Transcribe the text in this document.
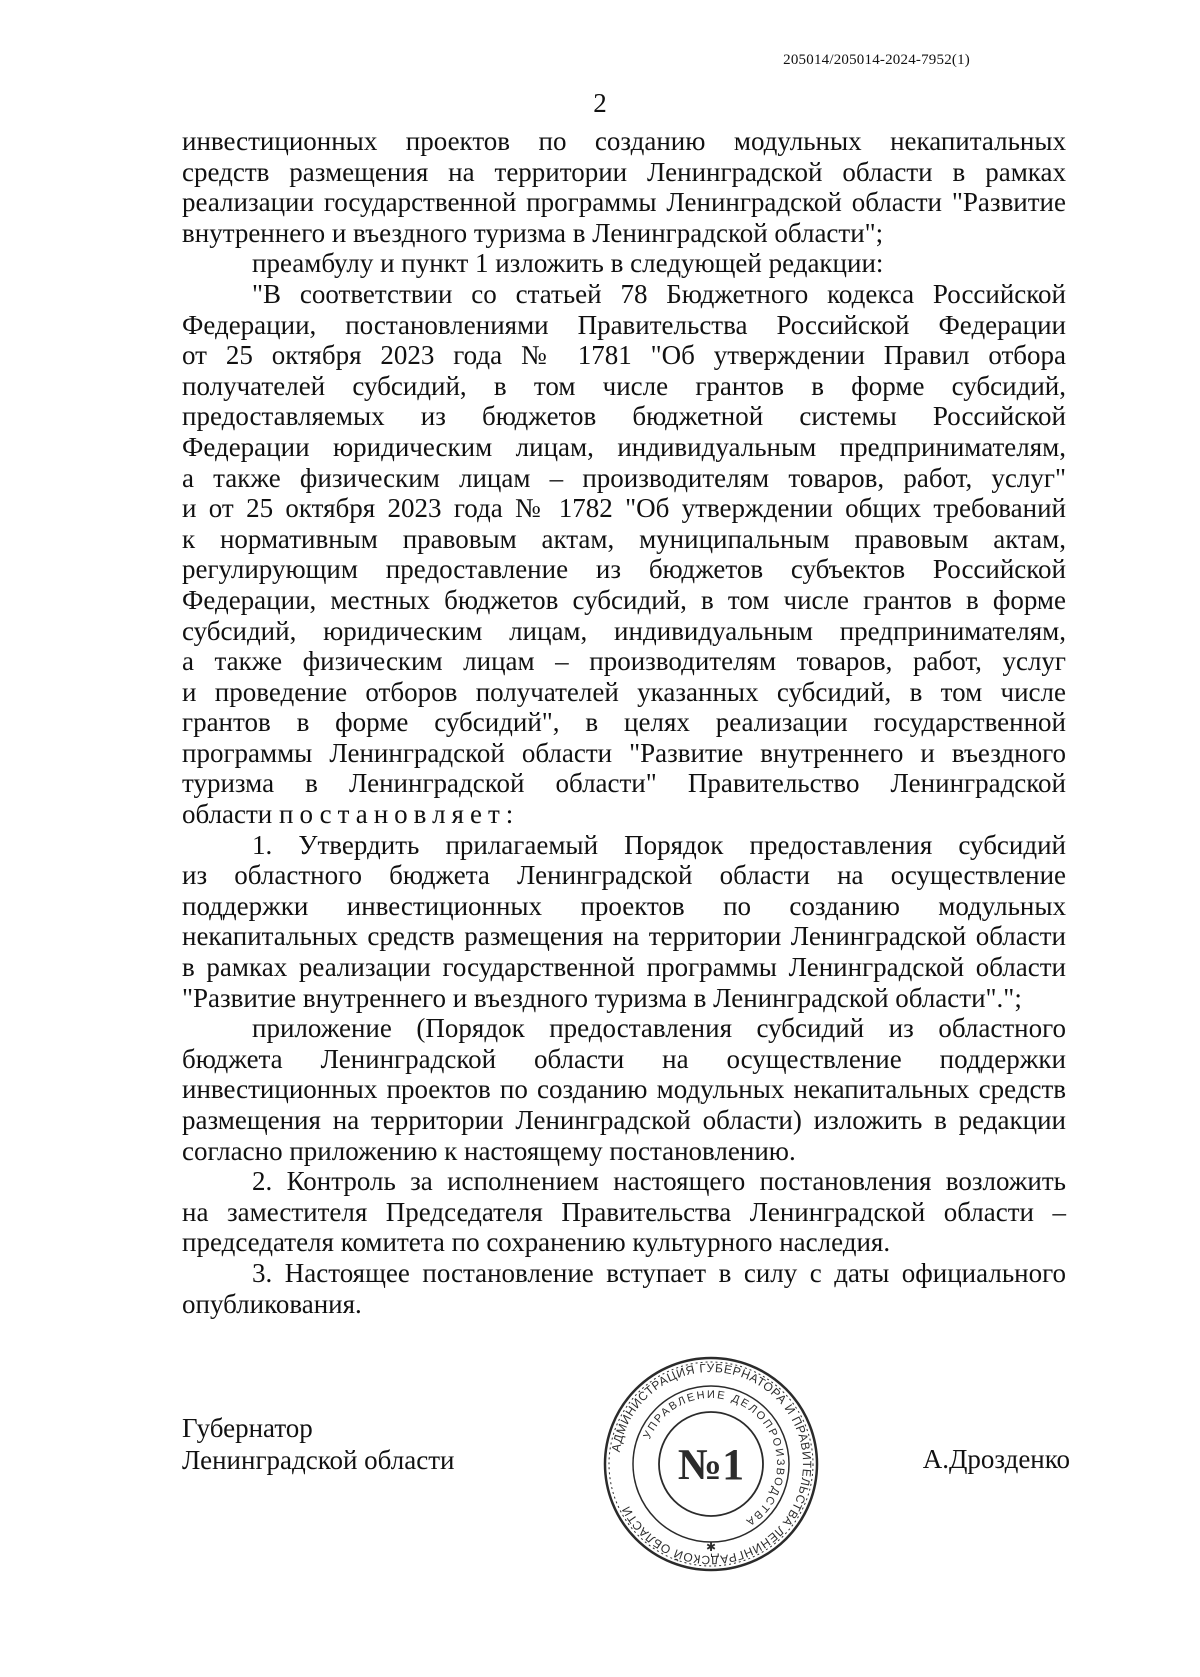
205014/205014-2024-7952(1)
2
инвестиционных проектов по созданию модульных некапитальных
средств размещения на территории Ленинградской области в рамках
реализации государственной программы Ленинградской области "Развитие
внутреннего и въездного туризма в Ленинградской области";
преамбулу и пункт 1 изложить в следующей редакции:
"В соответствии со статьей 78 Бюджетного кодекса Российской
Федерации, постановлениями Правительства Российской Федерации
от 25 октября 2023 года № 1781 "Об утверждении Правил отбора
получателей субсидий, в том числе грантов в форме субсидий,
предоставляемых из бюджетов бюджетной системы Российской
Федерации юридическим лицам, индивидуальным предпринимателям,
а также физическим лицам – производителям товаров, работ, услуг"
и от 25 октября 2023 года № 1782 "Об утверждении общих требований
к нормативным правовым актам, муниципальным правовым актам,
регулирующим предоставление из бюджетов субъектов Российской
Федерации, местных бюджетов субсидий, в том числе грантов в форме
субсидий, юридическим лицам, индивидуальным предпринимателям,
а также физическим лицам – производителям товаров, работ, услуг
и проведение отборов получателей указанных субсидий, в том числе
грантов в форме субсидий", в целях реализации государственной
программы Ленинградской области "Развитие внутреннего и въездного
туризма в Ленинградской области" Правительство Ленинградской
области постановляет:
1. Утвердить прилагаемый Порядок предоставления субсидий
из областного бюджета Ленинградской области на осуществление
поддержки инвестиционных проектов по созданию модульных
некапитальных средств размещения на территории Ленинградской области
в рамках реализации государственной программы Ленинградской области
"Развитие внутреннего и въездного туризма в Ленинградской области".";
приложение (Порядок предоставления субсидий из областного
бюджета Ленинградской области на осуществление поддержки
инвестиционных проектов по созданию модульных некапитальных средств
размещения на территории Ленинградской области) изложить в редакции
согласно приложению к настоящему постановлению.
2. Контроль за исполнением настоящего постановления возложить
на заместителя Председателя Правительства Ленинградской области –
председателя комитета по сохранению культурного наследия.
3. Настоящее постановление вступает в силу с даты официального
опубликования.
Губернатор
Ленинградской области	А.Дрозденко
АДМИНИСТРАЦИЯ ГУБЕРНАТОРА И ПРАВИТЕЛЬСТВА ЛЕНИНГРАДСКОЙ ОБЛАСТИ
УПРАВЛЕНИЕ ДЕЛОПРОИЗВОДСТВА
№1
✱
